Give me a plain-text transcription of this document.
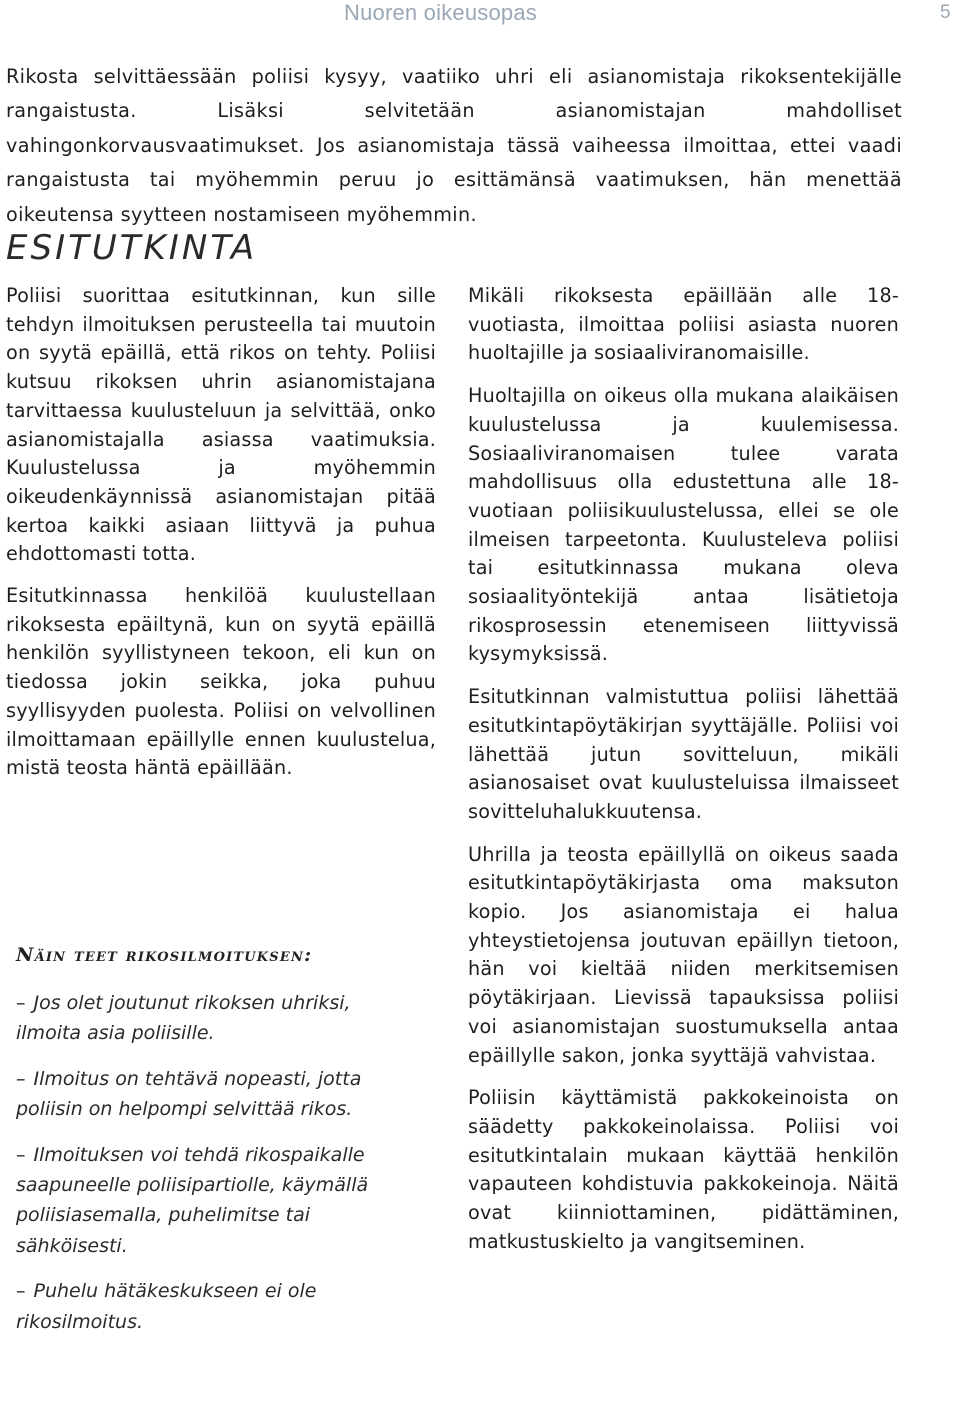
Nuoren oikeusopas	5

Rikosta selvittäessään poliisi kysyy, vaatiiko uhri eli asianomistaja rikoksentekijälle rangaistusta. Lisäksi selvitetään asianomistajan mahdolliset vahingonkorvausvaatimukset. Jos asianomistaja tässä vaiheessa ilmoittaa, ettei vaadi rangaistusta tai myöhemmin peruu jo esittämänsä vaatimuksen, hän menettää oikeutensa syytteen nostamiseen myöhemmin.

ESITUTKINTA

Poliisi suorittaa esitutkinnan, kun sille tehdyn ilmoituksen perusteella tai muutoin on syytä epäillä, että rikos on tehty. Poliisi kutsuu rikoksen uhrin asianomistajana tarvittaessa kuulusteluun ja selvittää, onko asianomistajalla asiassa vaatimuksia. Kuulustelussa ja myöhemmin oikeudenkäynnissä asianomistajan pitää kertoa kaikki asiaan liittyvä ja puhua ehdottomasti totta.

Esitutkinnassa henkilöä kuulustellaan rikoksesta epäiltynä, kun on syytä epäillä henkilön syyllistyneen tekoon, eli kun on tiedossa jokin seikka, joka puhuu syyllisyyden puolesta. Poliisi on velvollinen ilmoittamaan epäillylle ennen kuulustelua, mistä teosta häntä epäillään.

Näin teet rikosilmoituksen:
– Jos olet joutunut rikoksen uhriksi, ilmoita asia poliisille.
– Ilmoitus on tehtävä nopeasti, jotta poliisin on helpompi selvittää rikos.
– Ilmoituksen voi tehdä rikospaikalle saapuneelle poliisipartiolle, käymällä poliisiasemalla, puhelimitse tai sähköisesti.
– Puhelu hätäkeskukseen ei ole rikosilmoitus.

Mikäli rikoksesta epäillään alle 18-vuotiasta, ilmoittaa poliisi asiasta nuoren huoltajille ja sosiaaliviranomaisille.

Huoltajilla on oikeus olla mukana alaikäisen kuulustelussa ja kuulemisessa. Sosiaaliviranomaisen tulee varata mahdollisuus olla edustettuna alle 18-vuotiaan poliisikuulustelussa, ellei se ole ilmeisen tarpeetonta. Kuulusteleva poliisi tai esitutkinnassa mukana oleva sosiaalityöntekijä antaa lisätietoja rikosprosessin etenemiseen liittyvissä kysymyksissä.

Esitutkinnan valmistuttua poliisi lähettää esitutkintapöytäkirjan syyttäjälle. Poliisi voi lähettää jutun sovitteluun, mikäli asianosaiset ovat kuulusteluissa ilmaisseet sovitteluhalukkuutensa.

Uhrilla ja teosta epäillyllä on oikeus saada esitutkintapöytäkirjasta oma maksuton kopio. Jos asianomistaja ei halua yhteystietojensa joutuvan epäillyn tietoon, hän voi kieltää niiden merkitsemisen pöytäkirjaan. Lievissä tapauksissa poliisi voi asianomistajan suostumuksella antaa epäillylle sakon, jonka syyttäjä vahvistaa.

Poliisin käyttämistä pakkokeinoista on säädetty pakkokeinolaissa. Poliisi voi esitutkintalain mukaan käyttää henkilön vapauteen kohdistuvia pakkokeinoja. Näitä ovat kiinniottaminen, pidättäminen, matkustuskielto ja vangitseminen.
